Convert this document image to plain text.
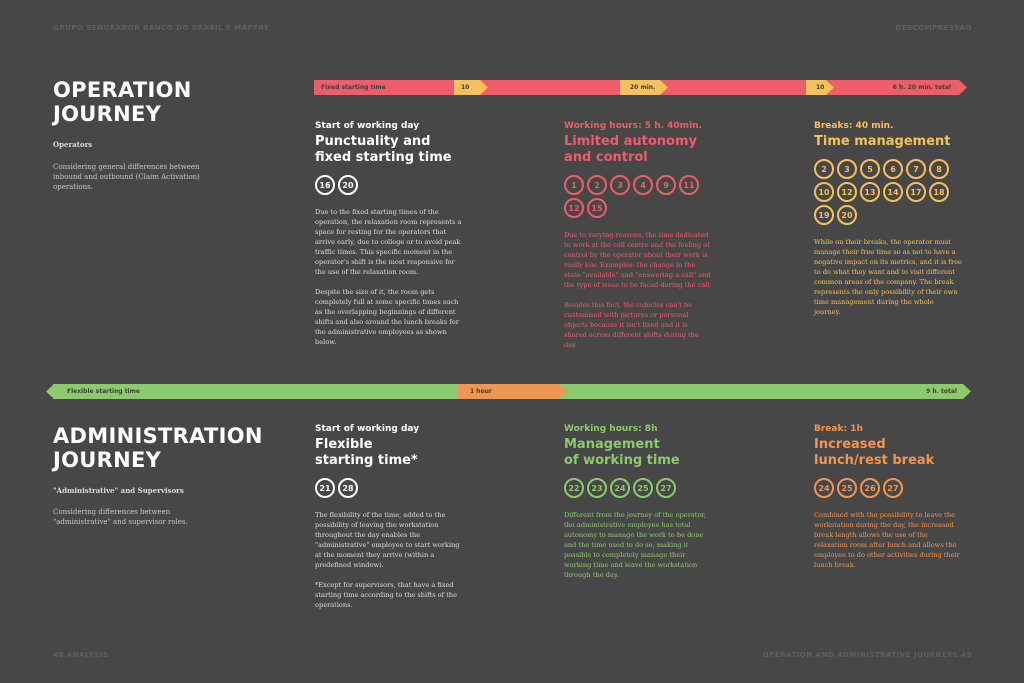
GRUPO SEGURADOR BANCO DO BRASIL E MAPFRE	DESCOMPRESSÃO
48 ANALYSIS	OPERATION AND ADMINISTRATIVE JOURNEYS 49
OPERATION
JOURNEY
Operators
Considering general differences between inbound and outbound (Claim Activation) operations.
Fixed starting time	10	20 min.	10	6 h. 20 min. total
Start of working day
Punctuality and
fixed starting time
16	20

Due to the fixed starting times of the operation, the relaxation room represents a space for resting for the operators that arrive early, due to college or to avoid peak traffic times. This specific moment in the operator's shift is the most responsive for the use of the relaxation room.

Despite the size of it, the room gets completely full at some specific times such as the overlapping beginnings of different shifts and also around the lunch breaks for the administrative employees as shown below.

Working hours: 5 h. 40min.
Limited autonomy
and control
1	2	3	4	9	11
12	15

Due to varying reasons, the time dedicated to work at the call centre and the feeling of control by the operator about their work is really low. Examples: the change in the state "available" and "answering a call" and the type of issue to be faced during the call.

Besides this fact, the cubicles can't be customised with pictures or personal objects because it isn't fixed and it is shared across different shifts during the day.

Breaks: 40 min.
Time management
2	3	5	6	7	8
10	12	13	14	17	18
19	20

While on their breaks, the operator must manage their free time so as not to have a negative impact on its metrics, and it is free to do what they want and to visit different common areas of the company. The break represents the only possibility of their own time management during the whole journey.

Flexible starting time	1 hour	9 h. total
ADMINISTRATION
JOURNEY
"Administrative" and Supervisors
Considering differences between "administrative" and supervisor roles.
Start of working day
Flexible
starting time*
21	28

The flexibility of the time, added to the possibility of leaving the workstation throughout the day enables the "administrative" employee to start working at the moment they arrive (within a predefined window).

*Except for supervisors, that have a fixed starting time according to the shifts of the operations.

Working hours: 8h
Management
of working time
22	23	24	25	27

Different from the journey of the operator, the administrative employee has total autonomy to manage the work to be done and the time used to do so, making it possible to completely manage their working time and leave the workstation through the day.

Break: 1h
Increased
lunch/rest break
24	25	26	27

Combined with the possibility to leave the workstation during the day, the increased break length allows the use of the relaxation room after lunch and allows the employee to do other activities during their lunch break.
